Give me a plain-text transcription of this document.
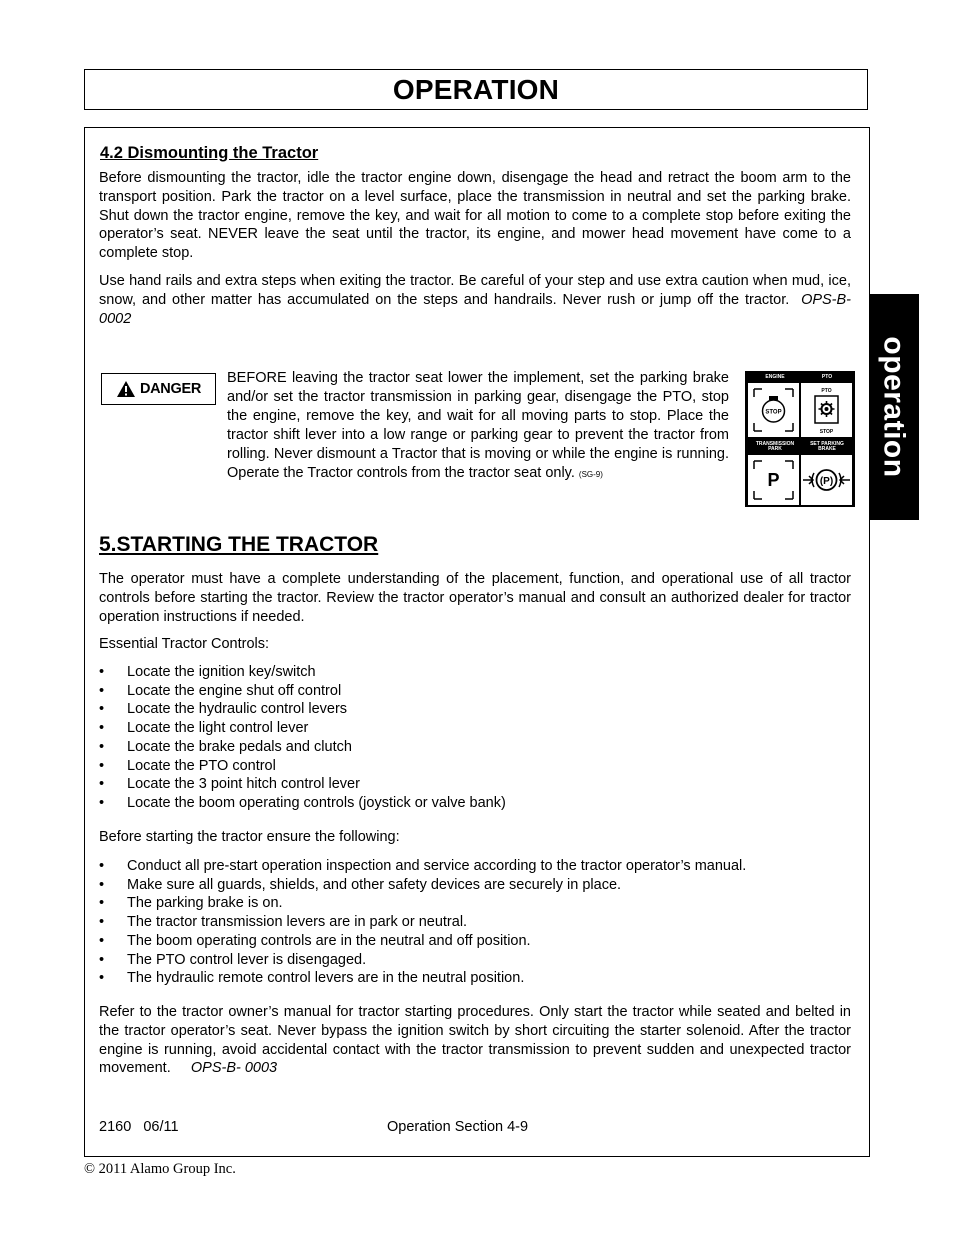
OPERATION
operation
4.2 Dismounting the Tractor

Before dismounting the tractor, idle the tractor engine down, disengage the head and retract the boom arm to the transport position. Park the tractor on a level surface, place the transmission in neutral and set the parking brake. Shut down the tractor engine, remove the key, and wait for all motion to come to a complete stop before exiting the operator’s seat. NEVER leave the seat until the tractor, its engine, and mower head movement have come to a complete stop.

Use hand rails and extra steps when exiting the tractor. Be careful of your step and use extra caution when mud, ice, snow, and other matter has accumulated on the steps and handrails. Never rush or jump off the tractor. OPS-B- 0002

DANGER
BEFORE leaving the tractor seat lower the implement, set the parking brake and/or set the tractor transmission in parking gear, disengage the PTO, stop the engine, remove the key, and wait for all moving parts to stop. Place the tractor shift lever into a low range or parking gear to prevent the tractor from rolling. Never dismount a Tractor that is moving or while the engine is running. Operate the Tractor controls from the tractor seat only. (SG-9)
ENGINE	PTO
STOP
PTO
STOP
TRANSMISSION PARK
SET PARKING BRAKE
P	(P)
5.STARTING THE TRACTOR

The operator must have a complete understanding of the placement, function, and operational use of all tractor controls before starting the tractor. Review the tractor operator’s manual and consult an authorized dealer for tractor operation instructions if needed.

Essential Tractor Controls:

• Locate the ignition key/switch
• Locate the engine shut off control
• Locate the hydraulic control levers
• Locate the light control lever
• Locate the brake pedals and clutch
• Locate the PTO control
• Locate the 3 point hitch control lever
• Locate the boom operating controls (joystick or valve bank)

Before starting the tractor ensure the following:

• Conduct all pre-start operation inspection and service according to the tractor operator’s manual.
• Make sure all guards, shields, and other safety devices are securely in place.
• The parking brake is on.
• The tractor transmission levers are in park or neutral.
• The boom operating controls are in the neutral and off position.
• The PTO control lever is disengaged.
• The hydraulic remote control levers are in the neutral position.

Refer to the tractor owner’s manual for tractor starting procedures. Only start the tractor while seated and belted in the tractor operator’s seat. Never bypass the ignition switch by short circuiting the starter solenoid. After the tractor engine is running, avoid accidental contact with the tractor transmission to prevent sudden and unexpected tractor movement. OPS-B- 0003

2160   06/11	Operation Section 4-9
© 2011 Alamo Group Inc.
